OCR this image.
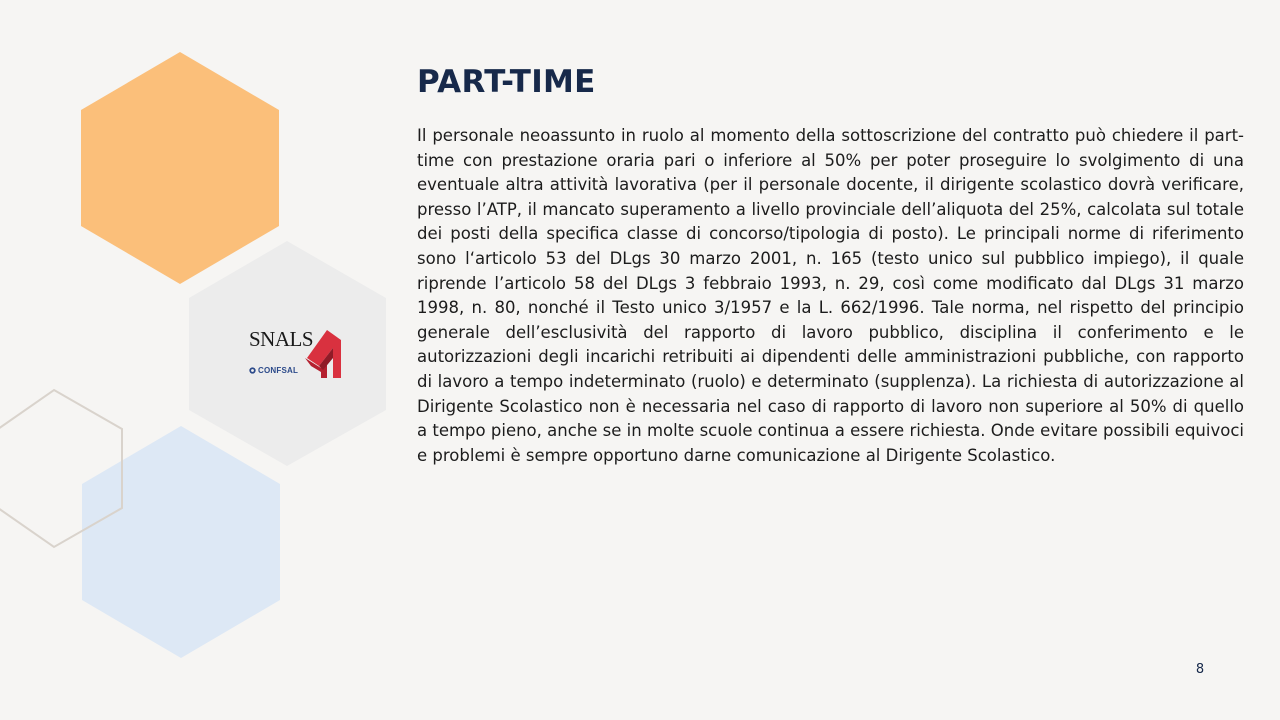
SNALS
CONFSAL
PART-TIME

Il personale neoassunto in ruolo al momento della sottoscrizione del contratto può chiedere il part-time con prestazione oraria pari o inferiore al 50% per poter proseguire lo svolgimento di una eventuale altra attività lavorativa (per il personale docente, il dirigente scolastico dovrà verificare, presso l’ATP, il mancato superamento a livello provinciale dell’aliquota del 25%, calcolata sul totale dei posti della specifica classe di concorso/tipologia di posto). Le principali norme di riferimento sono l‘articolo 53 del DLgs 30 marzo 2001, n. 165 (testo unico sul pubblico impiego), il quale riprende l’articolo 58 del DLgs 3 febbraio 1993, n. 29, così come modificato dal DLgs 31 marzo 1998, n. 80, nonché il Testo unico 3/1957 e la L. 662/1996. Tale norma, nel rispetto del principio generale dell’esclusività del rapporto di lavoro pubblico, disciplina il conferimento e le autorizzazioni degli incarichi retribuiti ai dipendenti delle amministrazioni pubbliche, con rapporto di lavoro a tempo indeterminato (ruolo) e determinato (supplenza). La richiesta di autorizzazione al Dirigente Scolastico non è necessaria nel caso di rapporto di lavoro non superiore al 50% di quello a tempo pieno, anche se in molte scuole continua a essere richiesta. Onde evitare possibili equivoci e problemi è sempre opportuno darne comunicazione al Dirigente Scolastico.

8
